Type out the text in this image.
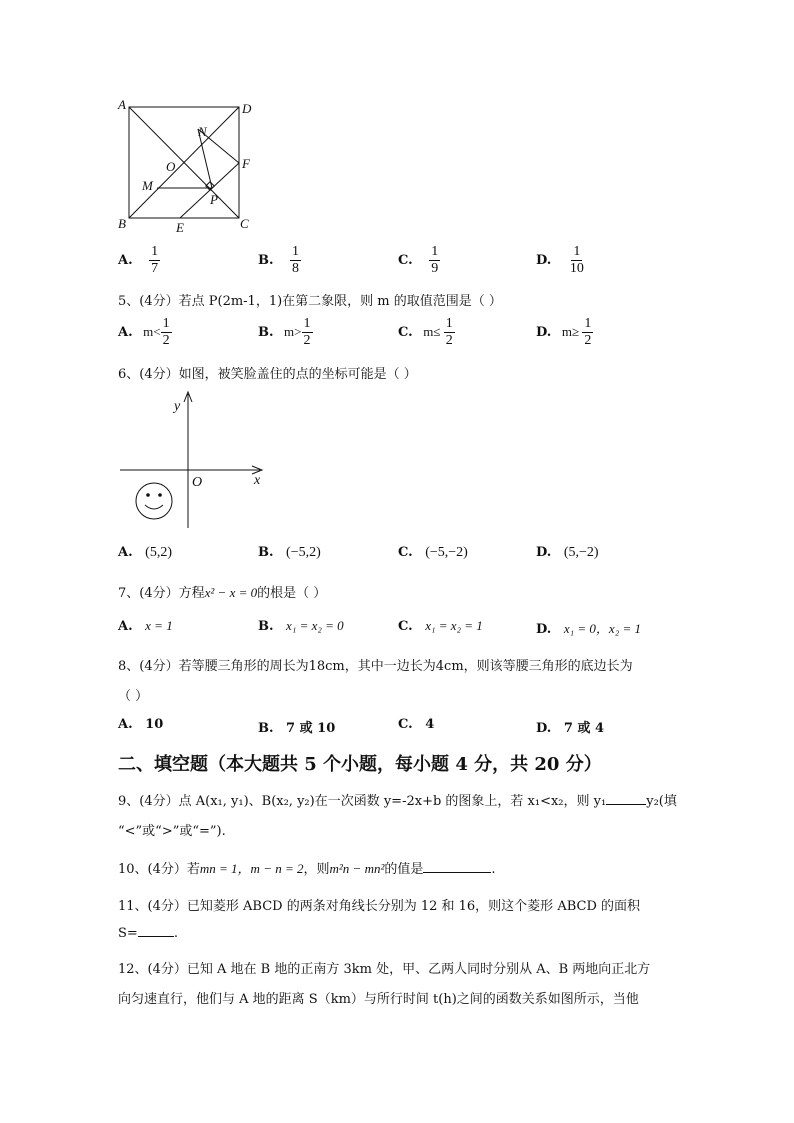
A	D
N
O	F
M
P
B	E	C
A. $\frac{1}{7}$	B. $\frac{1}{8}$	C. $\frac{1}{9}$	D. $\frac{1}{10}$
5、(4分）若点 P(2m-1，1)在第二象限，则 m 的取值范围是（ ）
A. $m< \frac{1}{2}$	B. $m> \frac{1}{2}$	C. $m\le \frac{1}{2}$	D. $m\ge \frac{1}{2}$
6、(4分）如图，被笑脸盖住的点的坐标可能是（ ）
y
x
O
A. (5,2)	B. (−5,2)	C. (−5,−2)	D. (5,−2)
7、(4分）方程x² − x = 0的根是（ ）
A. x = 1	B. x₁ = x₂ = 0	C. x₁ = x₂ = 1	D. x₁ = 0，x₂ = 1
8、(4分）若等腰三角形的周长为18cm，其中一边长为4cm，则该等腰三角形的底边长为
（ ）
A. 10	B. 7 或 10	C. 4	D. 7 或 4
二、填空题（本大题共 5 个小题，每小题 4 分，共 20 分）
9、(4分）点 A(x₁, y₁)、B(x₂, y₂)在一次函数 y=-2x+b 的图象上，若 x₁<x₂，则 y₁	y₂(填
“<”或“>”或“=”).
10、(4分）若mn = 1，m − n = 2，则m²n − mn²的值是	.
11、(4分）已知菱形 ABCD 的两条对角线长分别为 12 和 16，则这个菱形 ABCD 的面积
S=	.
12、(4分）已知 A 地在 B 地的正南方 3km 处，甲、乙两人同时分别从 A、B 两地向正北方
向匀速直行，他们与 A 地的距离 S（km）与所行时间 t(h)之间的函数关系如图所示，当他
